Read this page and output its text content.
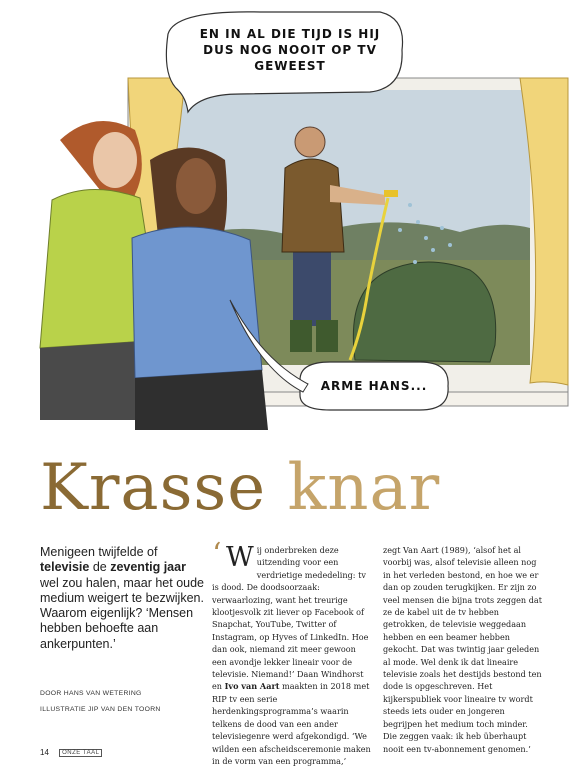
EN IN AL DIE TIJD IS HIJ
DUS NOG NOOIT OP TV
GEWEEST
ARME HANS...
Krasse knar
Menigeen twijfelde of televisie de zeventig jaar wel zou halen, maar het oude medium weigert te bezwijken. Waarom eigenlijk? ‘Mensen hebben behoefte aan ankerpunten.’
DOOR HANS VAN WETERING
ILLUSTRATIE JIP VAN DEN TOORN
‘ Wij onderbreken deze uitzending voor een verdrietige mededeling: tv is dood. De doodsoorzaak: verwaarlozing, want het treurige klootjesvolk zit liever op Facebook of Snapchat, YouTube, Twitter of Instagram, op Hyves of LinkedIn. Hoe dan ook, niemand zit meer gewoon een avondje lekker lineair voor de televisie. Niemand!’ Daan Windhorst en Ivo van Aart maakten in 2018 met RIP tv een serie herdenkingsprogramma’s waarin telkens de dood van een ander televisiegenre werd afgekondigd. ‘We wilden een afscheidsceremonie maken in de vorm van een programma,’
zegt Van Aart (1989), ‘alsof het al voorbij was, alsof televisie alleen nog in het verleden bestond, en hoe we er dan op zouden terugkijken. Er zijn zo veel mensen die bijna trots zeggen dat ze de kabel uit de tv hebben getrokken, de televisie weggedaan hebben en een beamer hebben gekocht. Dat was twintig jaar geleden al mode. Wel denk ik dat lineaire televisie zoals het destijds bestond ten dode is opgeschreven. Het kijkerspubliek voor lineaire tv wordt steeds iets ouder en jongeren begrijpen het medium toch minder. Die zeggen vaak: ik heb überhaupt nooit een tv-abonnement genomen.’
14 ONZE TAAL
